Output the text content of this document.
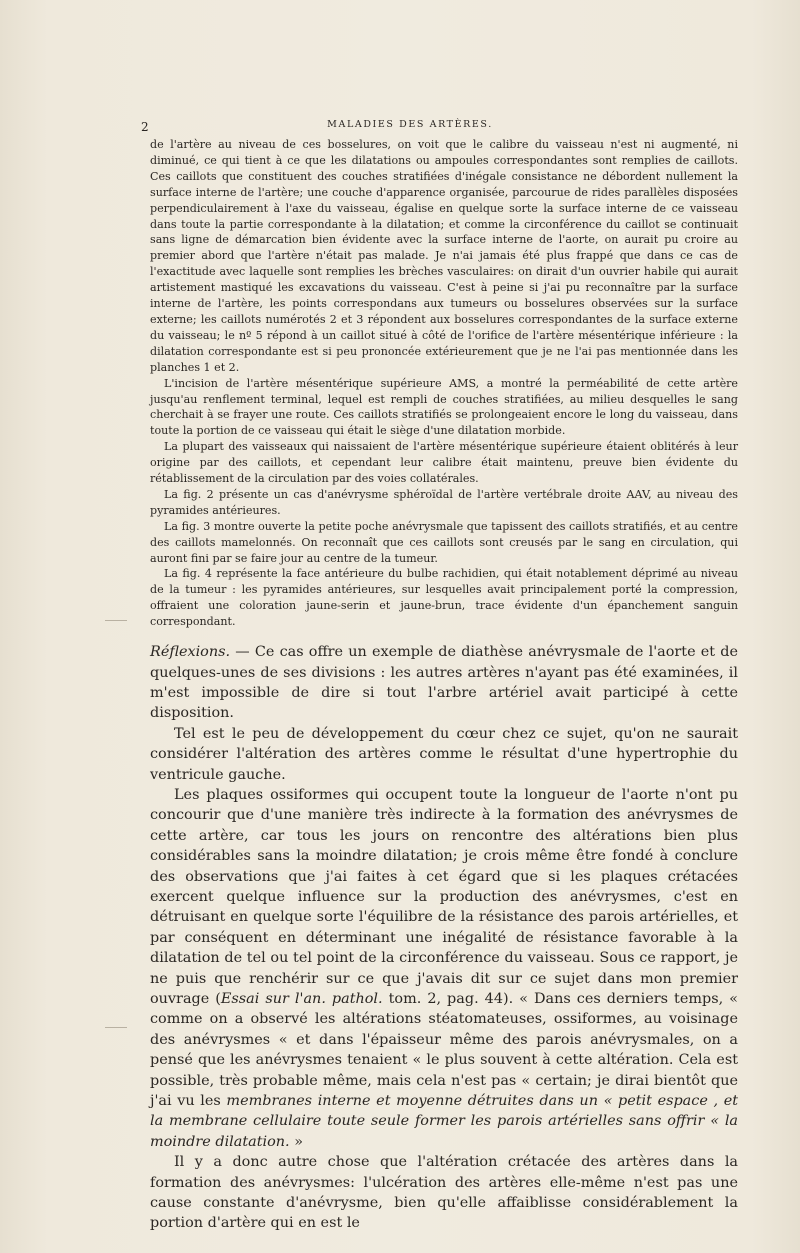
2	MALADIES DES ARTÈRES.

de l'artère au niveau de ces bosselures, on voit que le calibre du vaisseau n'est ni augmenté, ni diminué, ce qui tient à ce que les dilatations ou ampoules correspondantes sont remplies de caillots. Ces caillots que constituent des couches stratifiées d'inégale consistance ne débordent nullement la surface interne de l'artère; une couche d'apparence organisée, parcourue de rides parallèles disposées perpendiculairement à l'axe du vaisseau, égalise en quelque sorte la surface interne de ce vaisseau dans toute la partie correspondante à la dilatation; et comme la circonférence du caillot se continuait sans ligne de démarcation bien évidente avec la surface interne de l'aorte, on aurait pu croire au premier abord que l'artère n'était pas malade. Je n'ai jamais été plus frappé que dans ce cas de l'exactitude avec laquelle sont remplies les brèches vasculaires: on dirait d'un ouvrier habile qui aurait artistement mastiqué les excavations du vaisseau. C'est à peine si j'ai pu reconnaître par la surface interne de l'artère, les points correspondans aux tumeurs ou bosselures observées sur la surface externe; les caillots numérotés 2 et 3 répondent aux bosselures correspondantes de la surface externe du vaisseau; le nº 5 répond à un caillot situé à côté de l'orifice de l'artère mésentérique inférieure : la dilatation correspondante est si peu prononcée extérieurement que je ne l'ai pas mentionnée dans les planches 1 et 2.

L'incision de l'artère mésentérique supérieure AMS, a montré la perméabilité de cette artère jusqu'au renflement terminal, lequel est rempli de couches stratifiées, au milieu desquelles le sang cherchait à se frayer une route. Ces caillots stratifiés se prolongeaient encore le long du vaisseau, dans toute la portion de ce vaisseau qui était le siège d'une dilatation morbide.

La plupart des vaisseaux qui naissaient de l'artère mésentérique supérieure étaient oblitérés à leur origine par des caillots, et cependant leur calibre était maintenu, preuve bien évidente du rétablissement de la circulation par des voies collatérales.

La fig. 2 présente un cas d'anévrysme sphéroïdal de l'artère vertébrale droite AAV, au niveau des pyramides antérieures.

La fig. 3 montre ouverte la petite poche anévrysmale que tapissent des caillots stratifiés, et au centre des caillots mamelonnés. On reconnaît que ces caillots sont creusés par le sang en circulation, qui auront fini par se faire jour au centre de la tumeur.

La fig. 4 représente la face antérieure du bulbe rachidien, qui était notablement déprimé au niveau de la tumeur : les pyramides antérieures, sur lesquelles avait principalement porté la compression, offraient une coloration jaune-serin et jaune-brun, trace évidente d'un épanchement sanguin correspondant.

Réflexions. — Ce cas offre un exemple de diathèse anévrysmale de l'aorte et de quelques-unes de ses divisions : les autres artères n'ayant pas été examinées, il m'est impossible de dire si tout l'arbre artériel avait participé à cette disposition.

Tel est le peu de développement du cœur chez ce sujet, qu'on ne saurait considérer l'altération des artères comme le résultat d'une hypertrophie du ventricule gauche.

Les plaques ossiformes qui occupent toute la longueur de l'aorte n'ont pu concourir que d'une manière très indirecte à la formation des anévrysmes de cette artère, car tous les jours on rencontre des altérations bien plus considérables sans la moindre dilatation; je crois même être fondé à conclure des observations que j'ai faites à cet égard que si les plaques crétacées exercent quelque influence sur la production des anévrysmes, c'est en détruisant en quelque sorte l'équilibre de la résistance des parois artérielles, et par conséquent en déterminant une inégalité de résistance favorable à la dilatation de tel ou tel point de la circonférence du vaisseau. Sous ce rapport, je ne puis que renchérir sur ce que j'avais dit sur ce sujet dans mon premier ouvrage (Essai sur l'an. pathol. tom. 2, pag. 44). « Dans ces derniers temps, « comme on a observé les altérations stéatomateuses, ossiformes, au voisinage des anévrysmes « et dans l'épaisseur même des parois anévrysmales, on a pensé que les anévrysmes tenaient « le plus souvent à cette altération. Cela est possible, très probable même, mais cela n'est pas « certain; je dirai bientôt que j'ai vu les membranes interne et moyenne détruites dans un « petit espace , et la membrane cellulaire toute seule former les parois artérielles sans offrir « la moindre dilatation. »

Il y a donc autre chose que l'altération crétacée des artères dans la formation des anévrysmes: l'ulcération des artères elle-même n'est pas une cause constante d'anévrysme, bien qu'elle affaiblisse considérablement la portion d'artère qui en est le
